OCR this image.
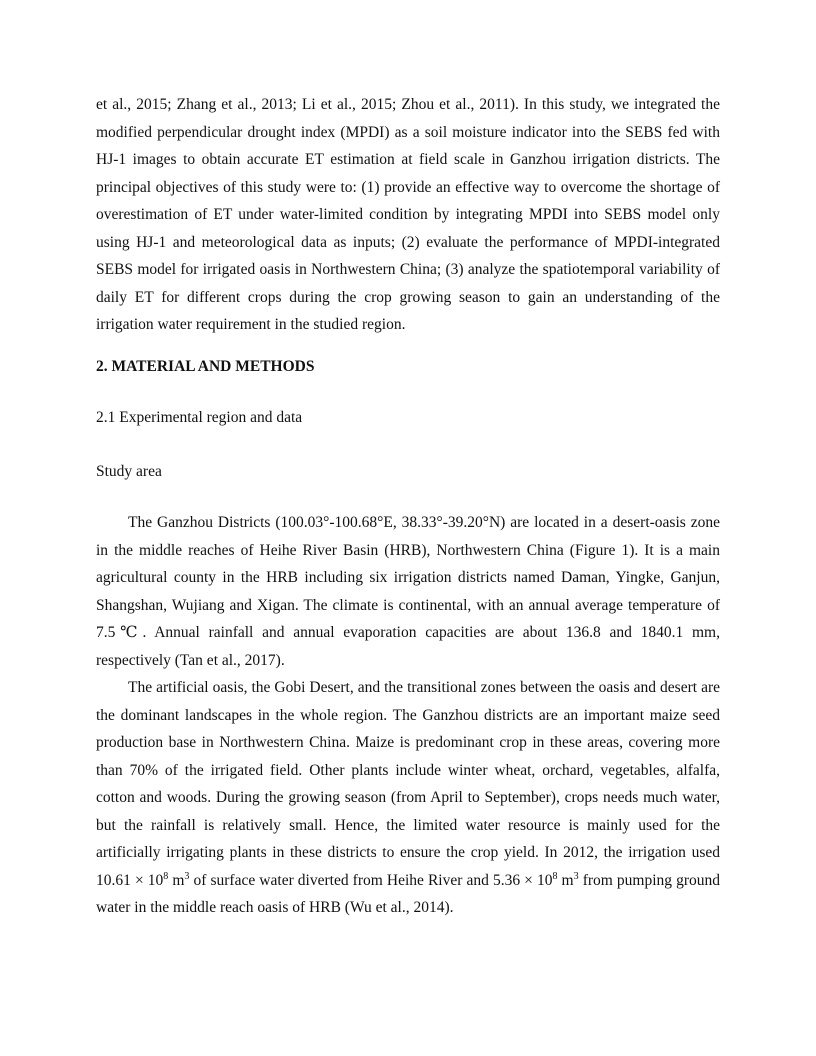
et al., 2015; Zhang et al., 2013; Li et al., 2015; Zhou et al., 2011). In this study, we integrated the modified perpendicular drought index (MPDI) as a soil moisture indicator into the SEBS fed with HJ-1 images to obtain accurate ET estimation at field scale in Ganzhou irrigation districts. The principal objectives of this study were to: (1) provide an effective way to overcome the shortage of overestimation of ET under water-limited condition by integrating MPDI into SEBS model only using HJ-1 and meteorological data as inputs; (2) evaluate the performance of MPDI-integrated SEBS model for irrigated oasis in Northwestern China; (3) analyze the spatiotemporal variability of daily ET for different crops during the crop growing season to gain an understanding of the irrigation water requirement in the studied region.

2. MATERIAL AND METHODS

2.1 Experimental region and data

Study area

The Ganzhou Districts (100.03°-100.68°E, 38.33°-39.20°N) are located in a desert-oasis zone in the middle reaches of Heihe River Basin (HRB), Northwestern China (Figure 1). It is a main agricultural county in the HRB including six irrigation districts named Daman, Yingke, Ganjun, Shangshan, Wujiang and Xigan. The climate is continental, with an annual average temperature of 7.5℃. Annual rainfall and annual evaporation capacities are about 136.8 and 1840.1 mm, respectively (Tan et al., 2017).

The artificial oasis, the Gobi Desert, and the transitional zones between the oasis and desert are the dominant landscapes in the whole region. The Ganzhou districts are an important maize seed production base in Northwestern China. Maize is predominant crop in these areas, covering more than 70% of the irrigated field. Other plants include winter wheat, orchard, vegetables, alfalfa, cotton and woods. During the growing season (from April to September), crops needs much water, but the rainfall is relatively small. Hence, the limited water resource is mainly used for the artificially irrigating plants in these districts to ensure the crop yield. In 2012, the irrigation used $10.61 \times 10^8$ $m^3$ of surface water diverted from Heihe River and $5.36 \times 10^8$ $m^3$ from pumping ground water in the middle reach oasis of HRB (Wu et al., 2014).
